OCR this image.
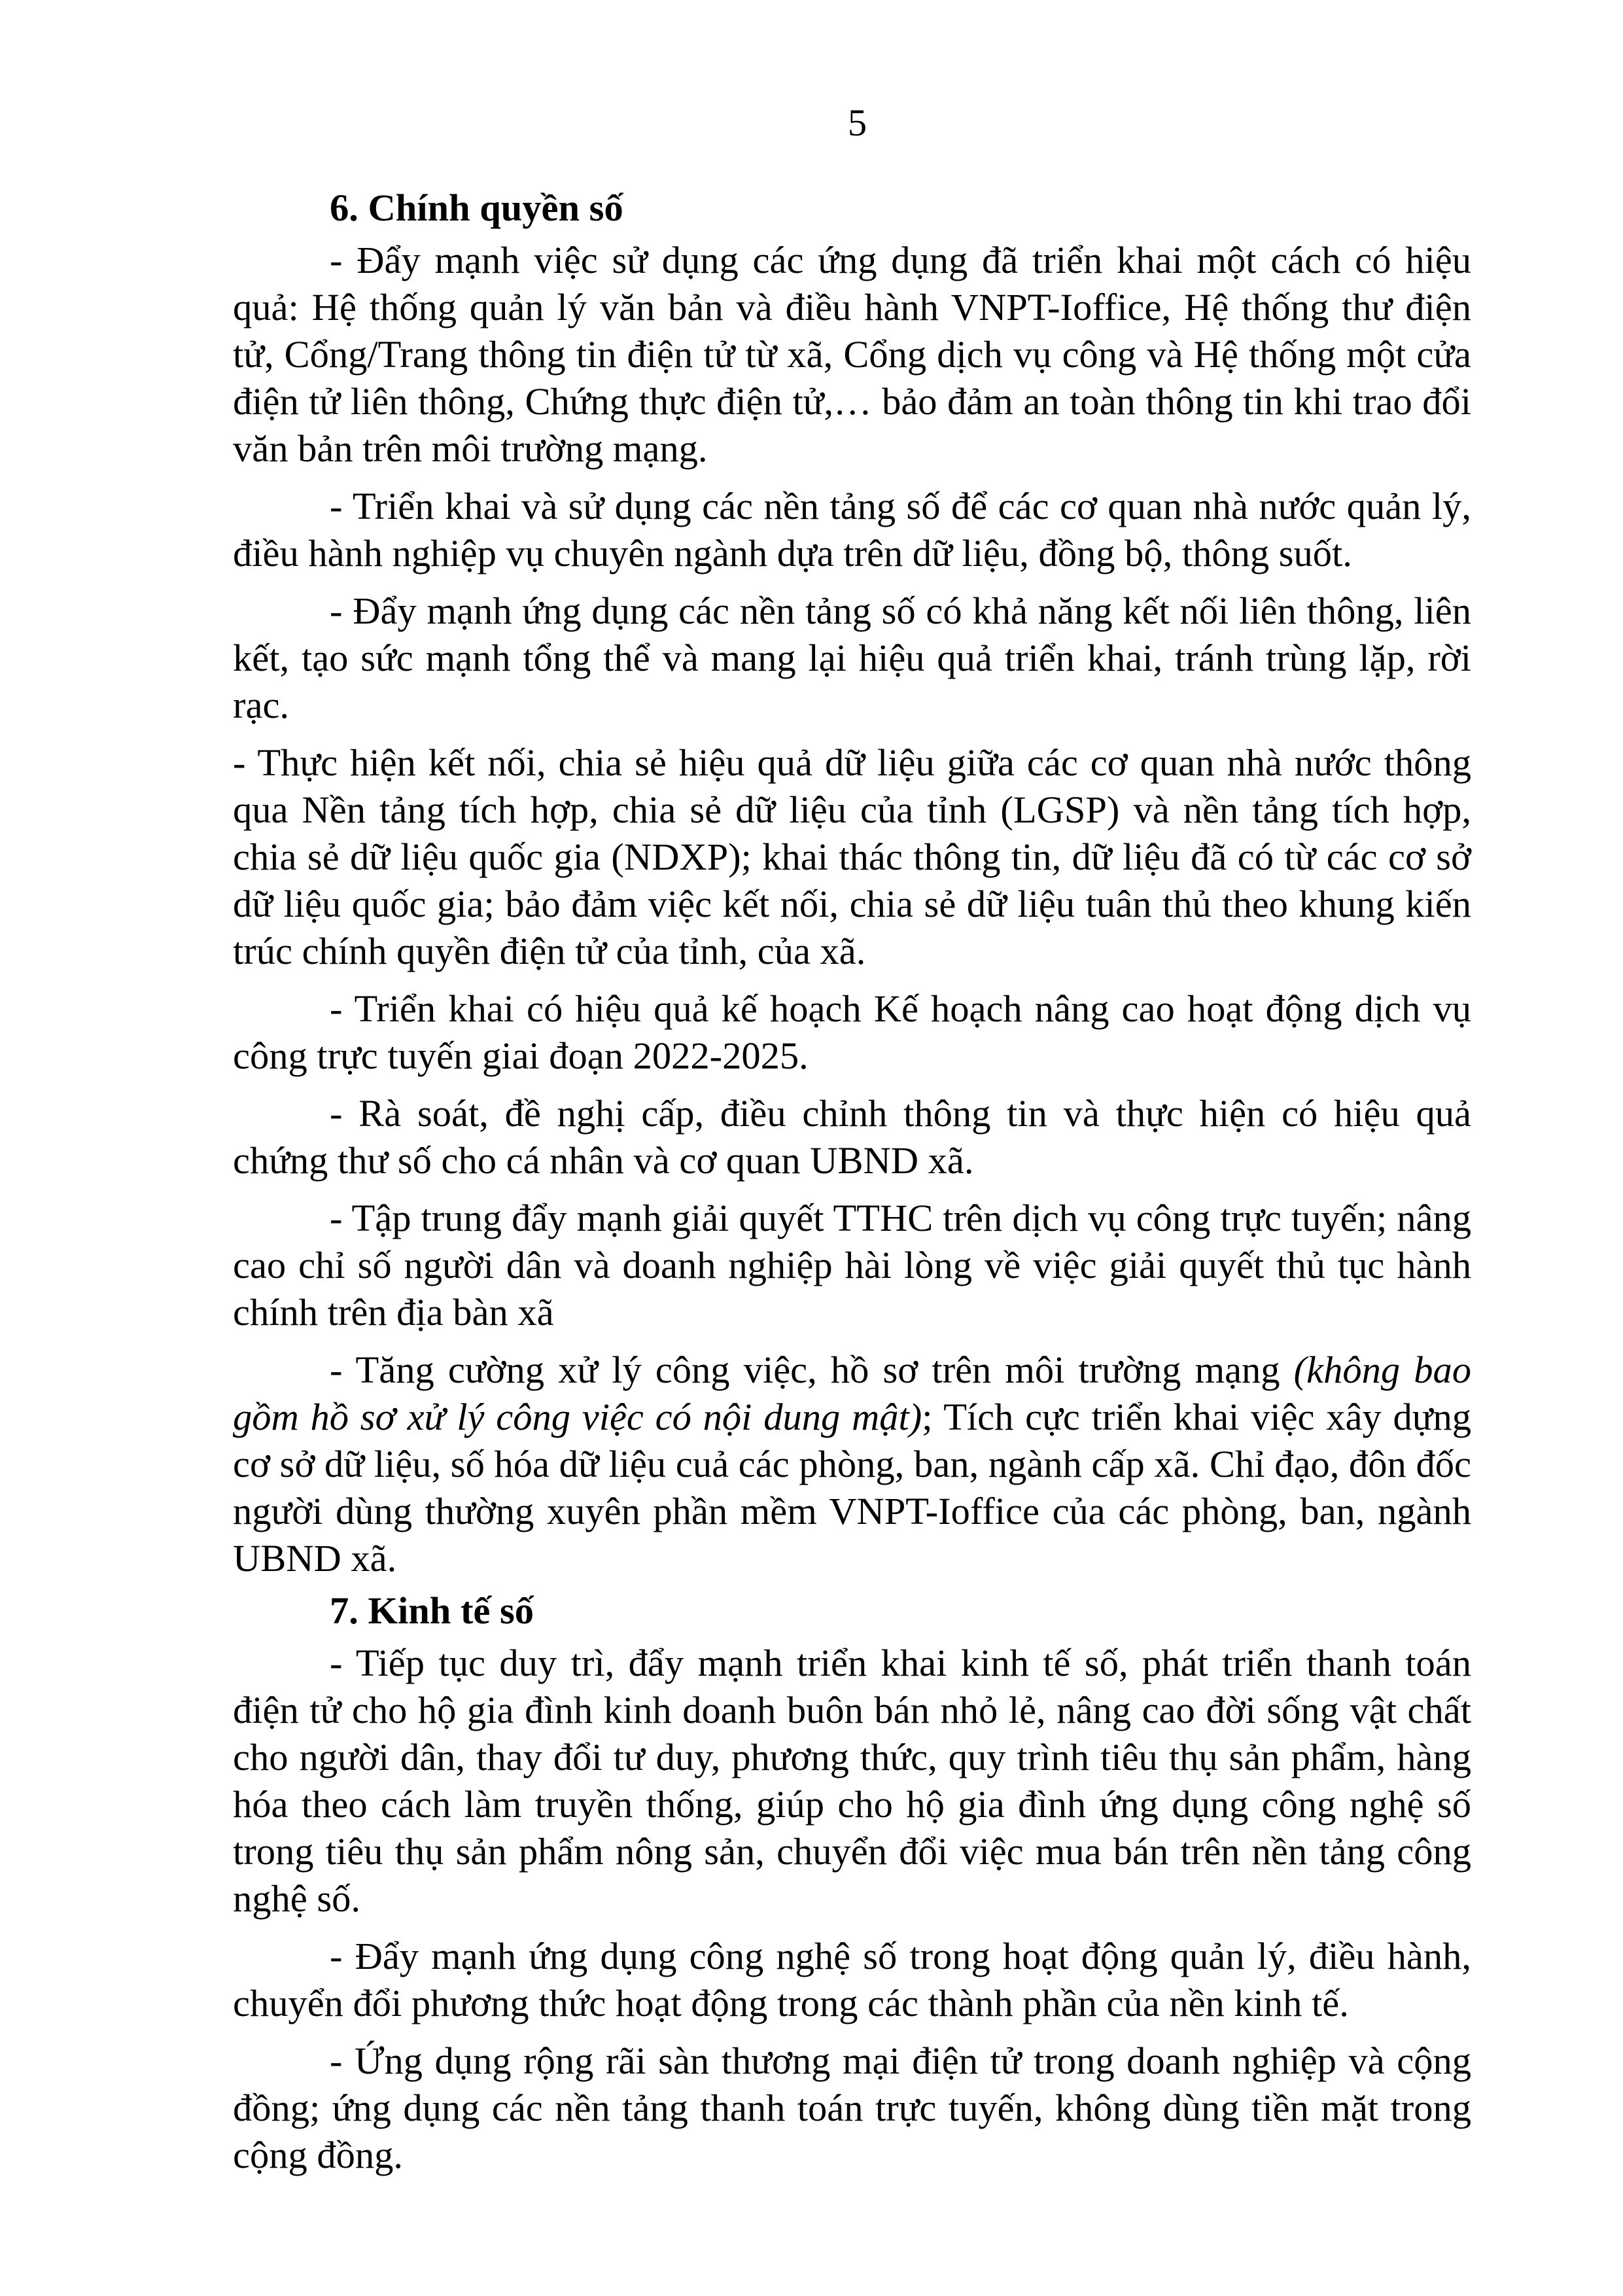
5

6. Chính quyền số

- Đẩy mạnh việc sử dụng các ứng dụng đã triển khai một cách có hiệu quả: Hệ thống quản lý văn bản và điều hành VNPT-Ioffice, Hệ thống thư điện tử, Cổng/Trang thông tin điện tử từ xã, Cổng dịch vụ công và Hệ thống một cửa điện tử liên thông, Chứng thực điện tử,… bảo đảm an toàn thông tin khi trao đổi văn bản trên môi trường mạng.

- Triển khai và sử dụng các nền tảng số để các cơ quan nhà nước quản lý, điều hành nghiệp vụ chuyên ngành dựa trên dữ liệu, đồng bộ, thông suốt.

- Đẩy mạnh ứng dụng các nền tảng số có khả năng kết nối liên thông, liên kết, tạo sức mạnh tổng thể và mang lại hiệu quả triển khai, tránh trùng lặp, rời rạc.

- Thực hiện kết nối, chia sẻ hiệu quả dữ liệu giữa các cơ quan nhà nước thông qua Nền tảng tích hợp, chia sẻ dữ liệu của tỉnh (LGSP) và nền tảng tích hợp, chia sẻ dữ liệu quốc gia (NDXP); khai thác thông tin, dữ liệu đã có từ các cơ sở dữ liệu quốc gia; bảo đảm việc kết nối, chia sẻ dữ liệu tuân thủ theo khung kiến trúc chính quyền điện tử của tỉnh, của xã.

- Triển khai có hiệu quả kế hoạch Kế hoạch nâng cao hoạt động dịch vụ công trực tuyến giai đoạn 2022-2025.

- Rà soát, đề nghị cấp, điều chỉnh thông tin và thực hiện có hiệu quả chứng thư số cho cá nhân và cơ quan UBND xã.

- Tập trung đẩy mạnh giải quyết TTHC trên dịch vụ công trực tuyến; nâng cao chỉ số người dân và doanh nghiệp hài lòng về việc giải quyết thủ tục hành chính trên địa bàn xã

- Tăng cường xử lý công việc, hồ sơ trên môi trường mạng (không bao gồm hồ sơ xử lý công việc có nội dung mật); Tích cực triển khai việc xây dựng cơ sở dữ liệu, số hóa dữ liệu cuả các phòng, ban, ngành cấp xã. Chỉ đạo, đôn đốc người dùng thường xuyên phần mềm VNPT-Ioffice của các phòng, ban, ngành UBND xã.

7. Kinh tế số

- Tiếp tục duy trì, đẩy mạnh triển khai kinh tế số, phát triển thanh toán điện tử cho hộ gia đình kinh doanh buôn bán nhỏ lẻ, nâng cao đời sống vật chất cho người dân, thay đổi tư duy, phương thức, quy trình tiêu thụ sản phẩm, hàng hóa theo cách làm truyền thống, giúp cho hộ gia đình ứng dụng công nghệ số trong tiêu thụ sản phẩm nông sản, chuyển đổi việc mua bán trên nền tảng công nghệ số.

- Đẩy mạnh ứng dụng công nghệ số trong hoạt động quản lý, điều hành, chuyển đổi phương thức hoạt động trong các thành phần của nền kinh tế.

- Ứng dụng rộng rãi sàn thương mại điện tử trong doanh nghiệp và cộng đồng; ứng dụng các nền tảng thanh toán trực tuyến, không dùng tiền mặt trong cộng đồng.
